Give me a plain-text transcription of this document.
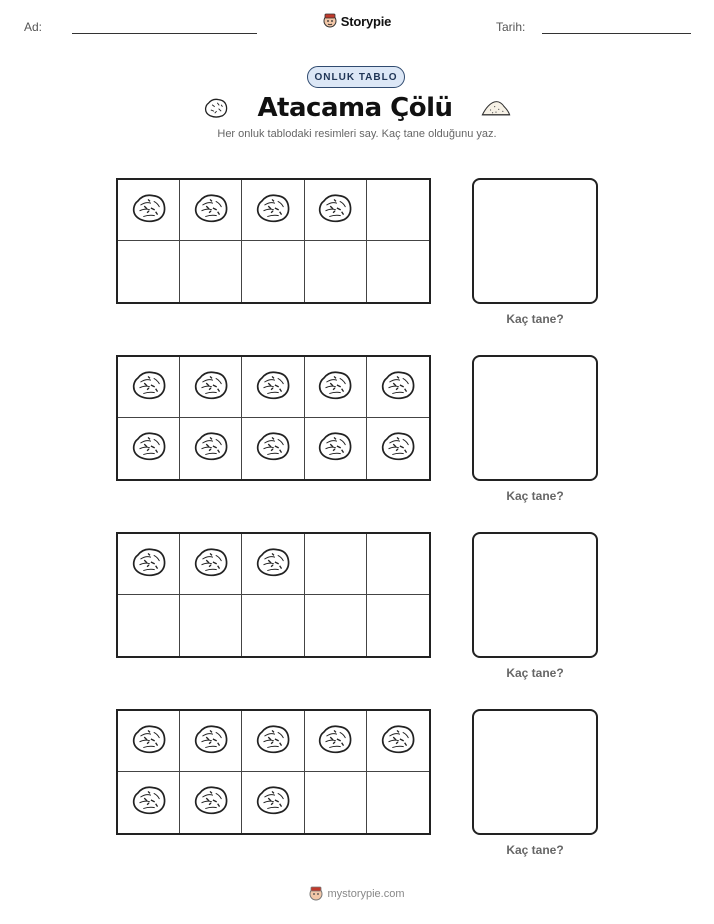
Ad:	Storypie	Tarih:
ONLUK TABLO
Atacama Çölü
Her onluk tablodaki resimleri say. Kaç tane olduğunu yaz.
Kaç tane?
Kaç tane?
Kaç tane?
Kaç tane?
mystorypie.com
